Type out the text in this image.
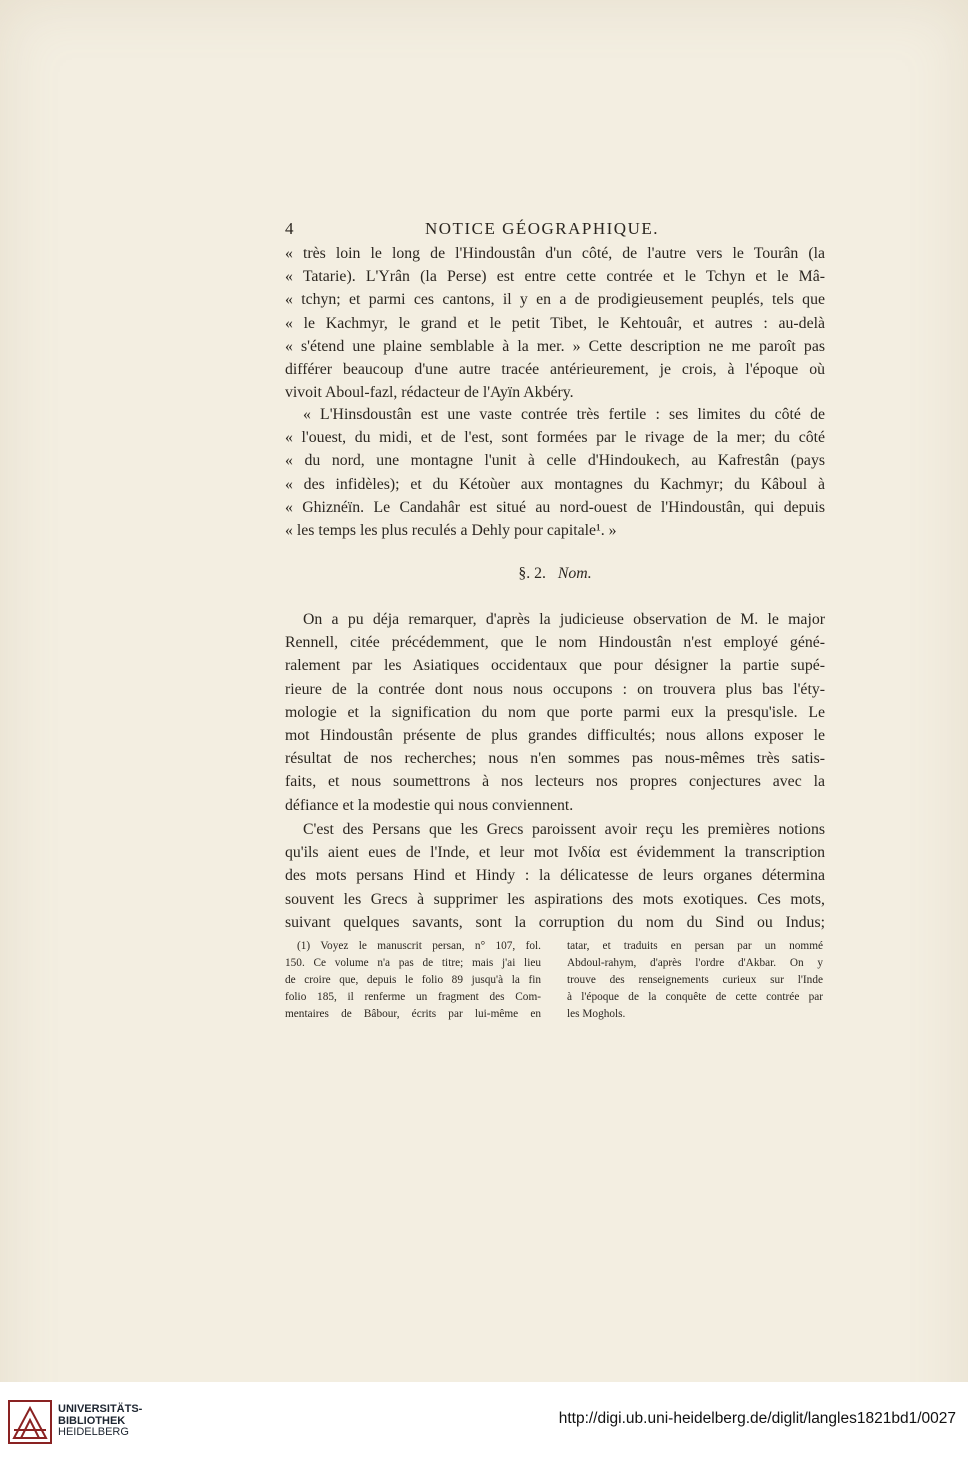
4	NOTICE GÉOGRAPHIQUE.
« très loin le long de l'Hindoustân d'un côté, de l'autre vers le Tourân (la
« Tatarie). L'Yrân (la Perse) est entre cette contrée et le Tchyn et le Mâ-
« tchyn; et parmi ces cantons, il y en a de prodigieusement peuplés, tels que
« le Kachmyr, le grand et le petit Tibet, le Kehtouâr, et autres : au-delà
« s'étend une plaine semblable à la mer. » Cette description ne me paroît pas
différer beaucoup d'une autre tracée antérieurement, je crois, à l'époque où
vivoit Aboul-fazl, rédacteur de l'Ayïn Akbéry.
« L'Hinsdoustân est une vaste contrée très fertile : ses limites du côté de
« l'ouest, du midi, et de l'est, sont formées par le rivage de la mer; du côté
« du nord, une montagne l'unit à celle d'Hindoukech, au Kafrestân (pays
« des infidèles); et du Kétoùer aux montagnes du Kachmyr; du Kâboul à
« Ghiznéïn. Le Candahâr est situé au nord-ouest de l'Hindoustân, qui depuis
« les temps les plus reculés a Dehly pour capitale¹. »
§. 2. Nom.
On a pu déja remarquer, d'après la judicieuse observation de M. le major
Rennell, citée précédemment, que le nom Hindoustân n'est employé géné-
ralement par les Asiatiques occidentaux que pour désigner la partie supé-
rieure de la contrée dont nous nous occupons : on trouvera plus bas l'éty-
mologie et la signification du nom que porte parmi eux la presqu'isle. Le
mot Hindoustân présente de plus grandes difficultés; nous allons exposer le
résultat de nos recherches; nous n'en sommes pas nous-mêmes très satis-
faits, et nous soumettrons à nos lecteurs nos propres conjectures avec la
défiance et la modestie qui nous conviennent.
C'est des Persans que les Grecs paroissent avoir reçu les premières notions
qu'ils aient eues de l'Inde, et leur mot Ινδία est évidemment la transcription
des mots persans Hind et Hindy : la délicatesse de leurs organes détermina
souvent les Grecs à supprimer les aspirations des mots exotiques. Ces mots,
suivant quelques savants, sont la corruption du nom du Sind ou Indus;
(1) Voyez le manuscrit persan, n° 107, fol.
150. Ce volume n'a pas de titre; mais j'ai lieu
de croire que, depuis le folio 89 jusqu'à la fin
folio 185, il renferme un fragment des Com-
mentaires de Bâbour, écrits par lui-même en
tatar, et traduits en persan par un nommé
Abdoul-rahym, d'après l'ordre d'Akbar. On y
trouve des renseignements curieux sur l'Inde
à l'époque de la conquête de cette contrée par
les Moghols.
UNIVERSITÄTS-
BIBLIOTHEK
HEIDELBERG
http://digi.ub.uni-heidelberg.de/diglit/langles1821bd1/0027
